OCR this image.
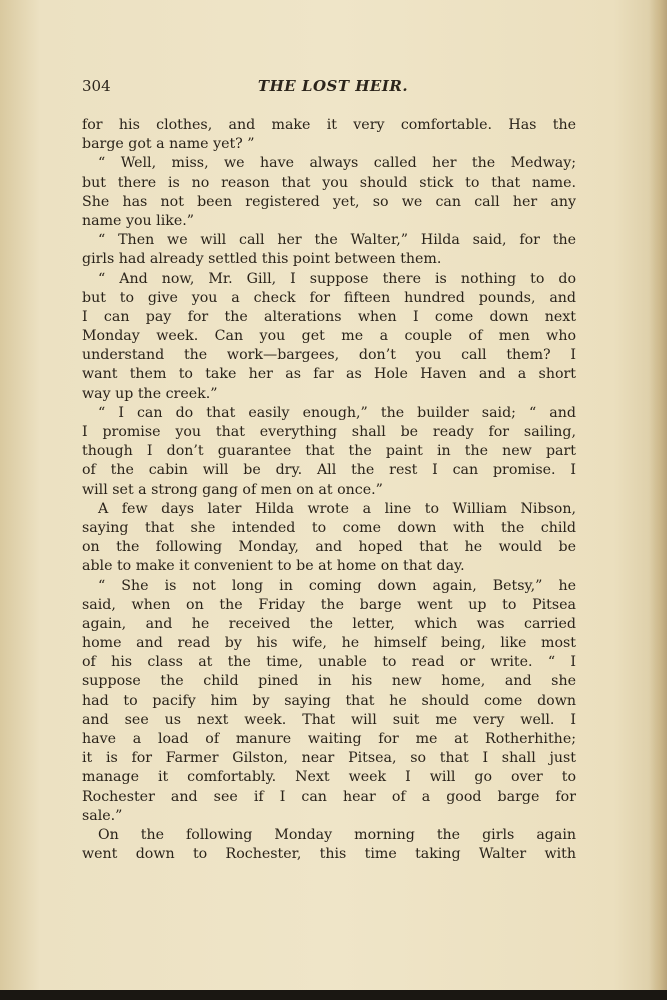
304	THE LOST HEIR.
for his clothes, and make it very comfortable. Has the
barge got a name yet? ”
“ Well, miss, we have always called her the Medway;
but there is no reason that you should stick to that name.
She has not been registered yet, so we can call her any
name you like.”
“ Then we will call her the Walter,” Hilda said, for the
girls had already settled this point between them.
“ And now, Mr. Gill, I suppose there is nothing to do
but to give you a check for fifteen hundred pounds, and
I can pay for the alterations when I come down next
Monday week. Can you get me a couple of men who
understand the work—bargees, don’t you call them? I
want them to take her as far as Hole Haven and a short
way up the creek.”
“ I can do that easily enough,” the builder said; “ and
I promise you that everything shall be ready for sailing,
though I don’t guarantee that the paint in the new part
of the cabin will be dry. All the rest I can promise. I
will set a strong gang of men on at once.”
A few days later Hilda wrote a line to William Nibson,
saying that she intended to come down with the child
on the following Monday, and hoped that he would be
able to make it convenient to be at home on that day.
“ She is not long in coming down again, Betsy,” he
said, when on the Friday the barge went up to Pitsea
again, and he received the letter, which was carried
home and read by his wife, he himself being, like most
of his class at the time, unable to read or write. “ I
suppose the child pined in his new home, and she
had to pacify him by saying that he should come down
and see us next week. That will suit me very well. I
have a load of manure waiting for me at Rotherhithe;
it is for Farmer Gilston, near Pitsea, so that I shall just
manage it comfortably. Next week I will go over to
Rochester and see if I can hear of a good barge for
sale.”
On the following Monday morning the girls again
went down to Rochester, this time taking Walter with
